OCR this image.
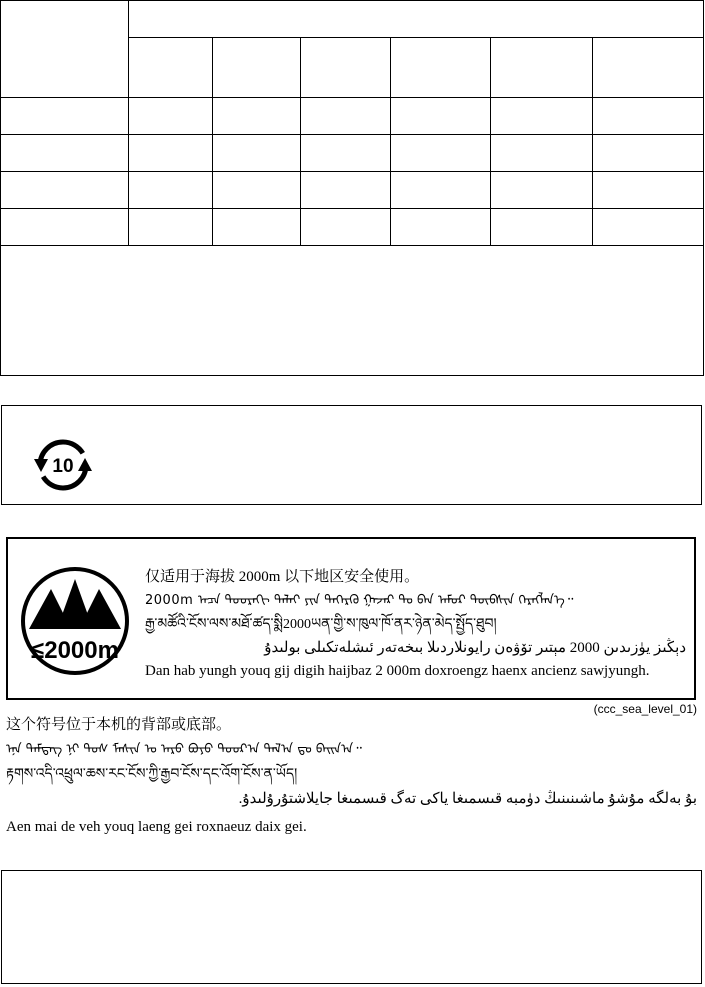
10
≤2000m
仅适用于海拔 2000m 以下地区安全使用。
2000m ᠠᠴᠠ ᠳᠣᠣᠷᠠᠬᠢ ᠳᠠᠯᠠᠢ ᠶᠢᠨ ᠲᠡᠭᠡᠷᠭᠦ ᠭᠠᠵᠠᠷ ᠲᠤ ᠪᠠᠨ ᠠᠮᠤᠷ ᠲᠦᠪᠰᠢᠨ ᠬᠡᠷᠡᠭᠯᠡᠨ᠎ᠡ᠃
རྒྱ་མཚོའི་ངོས་ལས་མཐོ་ཚད་སྨི2000ཡན་གྱི་ས་ཁུལ་ཁོ་ནར་ཉེན་མེད་སྤྱོད་ཐུབ།
دېڭىز يۈزىدىن 2000 مېتىر تۆۋەن رايونلاردىلا بىخەتەر ئىشلەتكىلى بولىدۇ
Dan hab yungh youq gij digih haijbaz 2 000m doxroengz haenx ancienz sawjyungh.
(ccc_sea_level_01)
这个符号位于本机的背部或底部。
ᠡᠨᠡ ᠲᠡᠮᠳᠡᠭ ᠨᠢ ᠲᠤᠰ ᠮᠠᠰᠢᠨ ᠤ ᠠᠷᠤ ᠪᠤᠶᠤ ᠳᠤᠤᠷ᠎ᠠ ᠲᠠᠯ᠎ᠠ ᠳᠤ ᠪᠠᠢᠨ᠎ᠠ᠃
རྟགས་འདི་འཕྲུལ་ཆས་རང་ངོས་ཀྱི་རྒྱབ་ངོས་དང་འོག་ངོས་ན་ཡོད།
بۇ بەلگە مۇشۇ ماشىنىنىڭ دۈمبە قىسمىغا ياكى تەگ قىسمىغا جايلاشتۇرۇلىدۇ.
Aen mai de veh youq laeng gei roxnaeuz daix gei.
